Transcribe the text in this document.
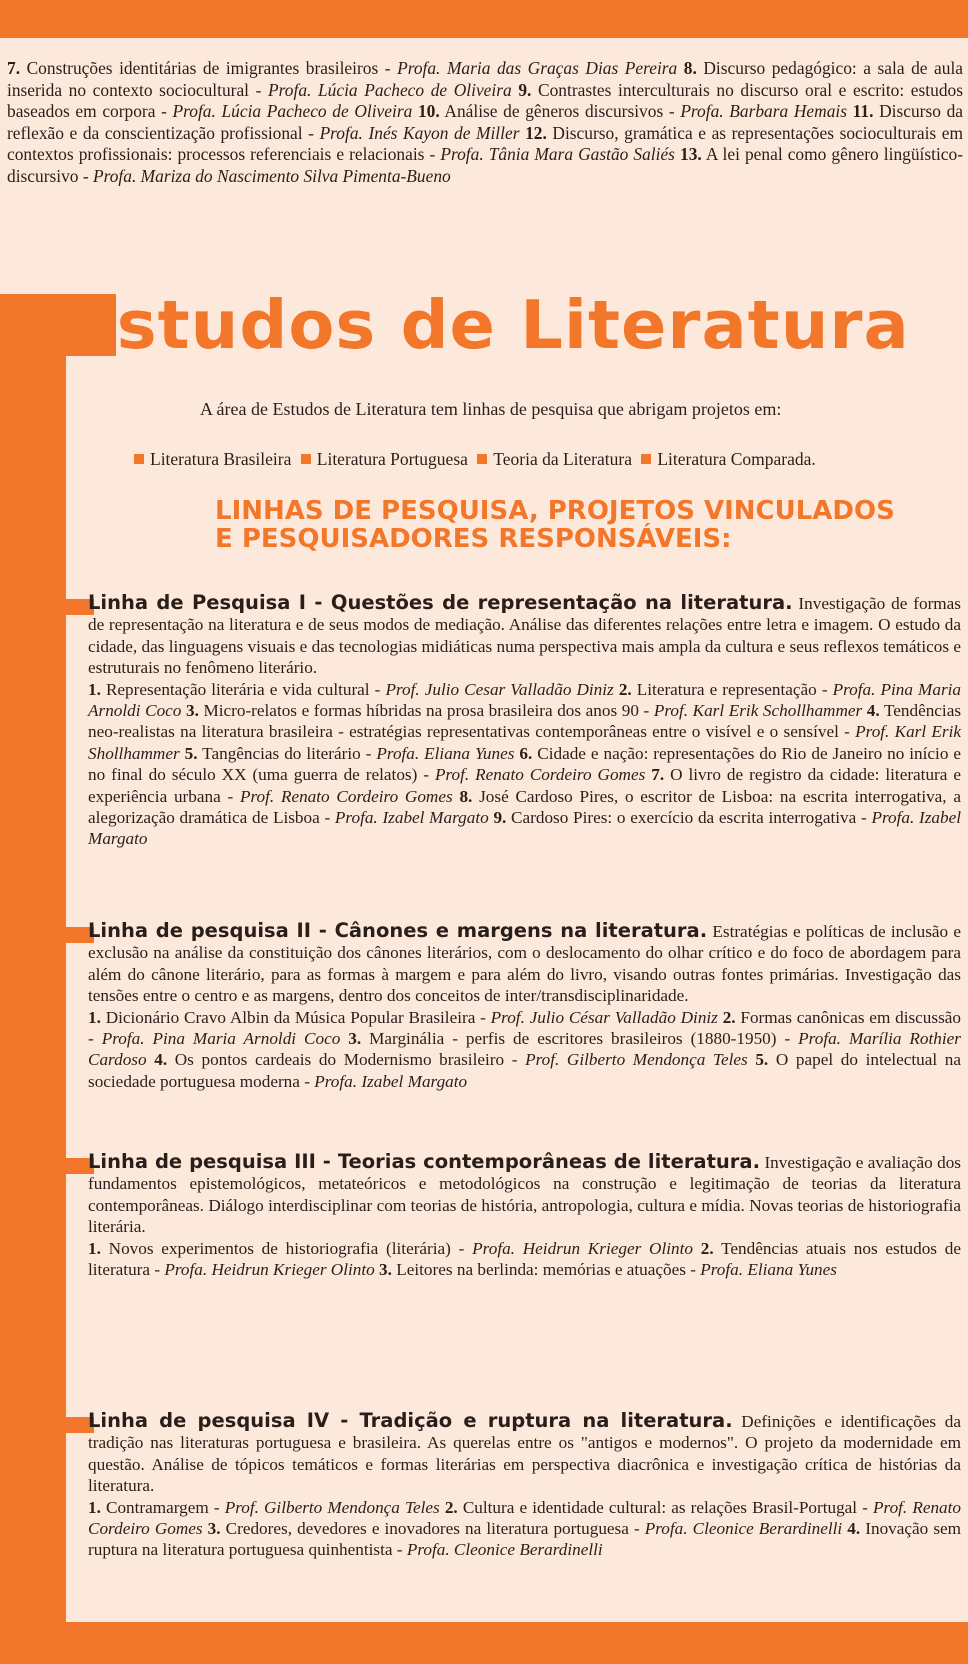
7. Construções identitárias de imigrantes brasileiros - Profa. Maria das Graças Dias Pereira 8. Discurso pedagógico: a sala de aula inserida no contexto sociocultural - Profa. Lúcia Pacheco de Oliveira 9. Contrastes interculturais no discurso oral e escrito: estudos baseados em corpora - Profa. Lúcia Pacheco de Oliveira 10. Análise de gêneros discursivos - Profa. Barbara Hemais 11. Discurso da reflexão e da conscientização profissional - Profa. Inés Kayon de Miller 12. Discurso, gramática e as representações socioculturais em contextos profissionais: processos referenciais e relacionais - Profa. Tânia Mara Gastão Saliés 13. A lei penal como gênero lingüístico-discursivo - Profa. Mariza do Nascimento Silva Pimenta-Bueno

Estudos de Literatura

A área de Estudos de Literatura tem linhas de pesquisa que abrigam projetos em:

Literatura Brasileira Literatura Portuguesa Teoria da Literatura Literatura Comparada.
LINHAS DE PESQUISA, PROJETOS VINCULADOS
E PESQUISADORES RESPONSÁVEIS:

Linha de Pesquisa I - Questões de representação na literatura. Investigação de formas de representação na literatura e de seus modos de mediação. Análise das diferentes relações entre letra e imagem. O estudo da cidade, das linguagens visuais e das tecnologias midiáticas numa perspectiva mais ampla da cultura e seus reflexos temáticos e estruturais no fenômeno literário.

1. Representação literária e vida cultural - Prof. Julio Cesar Valladão Diniz 2. Literatura e representação - Profa. Pina Maria Arnoldi Coco 3. Micro-relatos e formas híbridas na prosa brasileira dos anos 90 - Prof. Karl Erik Schollhammer 4. Tendências neo-realistas na literatura brasileira - estratégias representativas contemporâneas entre o visível e o sensível - Prof. Karl Erik Shollhammer 5. Tangências do literário - Profa. Eliana Yunes 6. Cidade e nação: representações do Rio de Janeiro no início e no final do século XX (uma guerra de relatos) - Prof. Renato Cordeiro Gomes 7. O livro de registro da cidade: literatura e experiência urbana - Prof. Renato Cordeiro Gomes 8. José Cardoso Pires, o escritor de Lisboa: na escrita interrogativa, a alegorização dramática de Lisboa - Profa. Izabel Margato 9. Cardoso Pires: o exercício da escrita interrogativa - Profa. Izabel Margato

Linha de pesquisa II - Cânones e margens na literatura. Estratégias e políticas de inclusão e exclusão na análise da constituição dos cânones literários, com o deslocamento do olhar crítico e do foco de abordagem para além do cânone literário, para as formas à margem e para além do livro, visando outras fontes primárias. Investigação das tensões entre o centro e as margens, dentro dos conceitos de inter/transdisciplinaridade.

1. Dicionário Cravo Albin da Música Popular Brasileira - Prof. Julio César Valladão Diniz 2. Formas canônicas em discussão - Profa. Pina Maria Arnoldi Coco 3. Marginália - perfis de escritores brasileiros (1880-1950) - Profa. Marília Rothier Cardoso 4. Os pontos cardeais do Modernismo brasileiro - Prof. Gilberto Mendonça Teles 5. O papel do intelectual na sociedade portuguesa moderna - Profa. Izabel Margato

Linha de pesquisa III - Teorias contemporâneas de literatura. Investigação e avaliação dos fundamentos epistemológicos, metateóricos e metodológicos na construção e legitimação de teorias da literatura contemporâneas. Diálogo interdisciplinar com teorias de história, antropologia, cultura e mídia. Novas teorias de historiografia literária.

1. Novos experimentos de historiografia (literária) - Profa. Heidrun Krieger Olinto 2. Tendências atuais nos estudos de literatura - Profa. Heidrun Krieger Olinto 3. Leitores na berlinda: memórias e atuações - Profa. Eliana Yunes

Linha de pesquisa IV - Tradição e ruptura na literatura. Definições e identificações da tradição nas literaturas portuguesa e brasileira. As querelas entre os "antigos e modernos". O projeto da modernidade em questão. Análise de tópicos temáticos e formas literárias em perspectiva diacrônica e investigação crítica de histórias da literatura.

1. Contramargem - Prof. Gilberto Mendonça Teles 2. Cultura e identidade cultural: as relações Brasil-Portugal - Prof. Renato Cordeiro Gomes 3. Credores, devedores e inovadores na literatura portuguesa - Profa. Cleonice Berardinelli 4. Inovação sem ruptura na literatura portuguesa quinhentista - Profa. Cleonice Berardinelli
